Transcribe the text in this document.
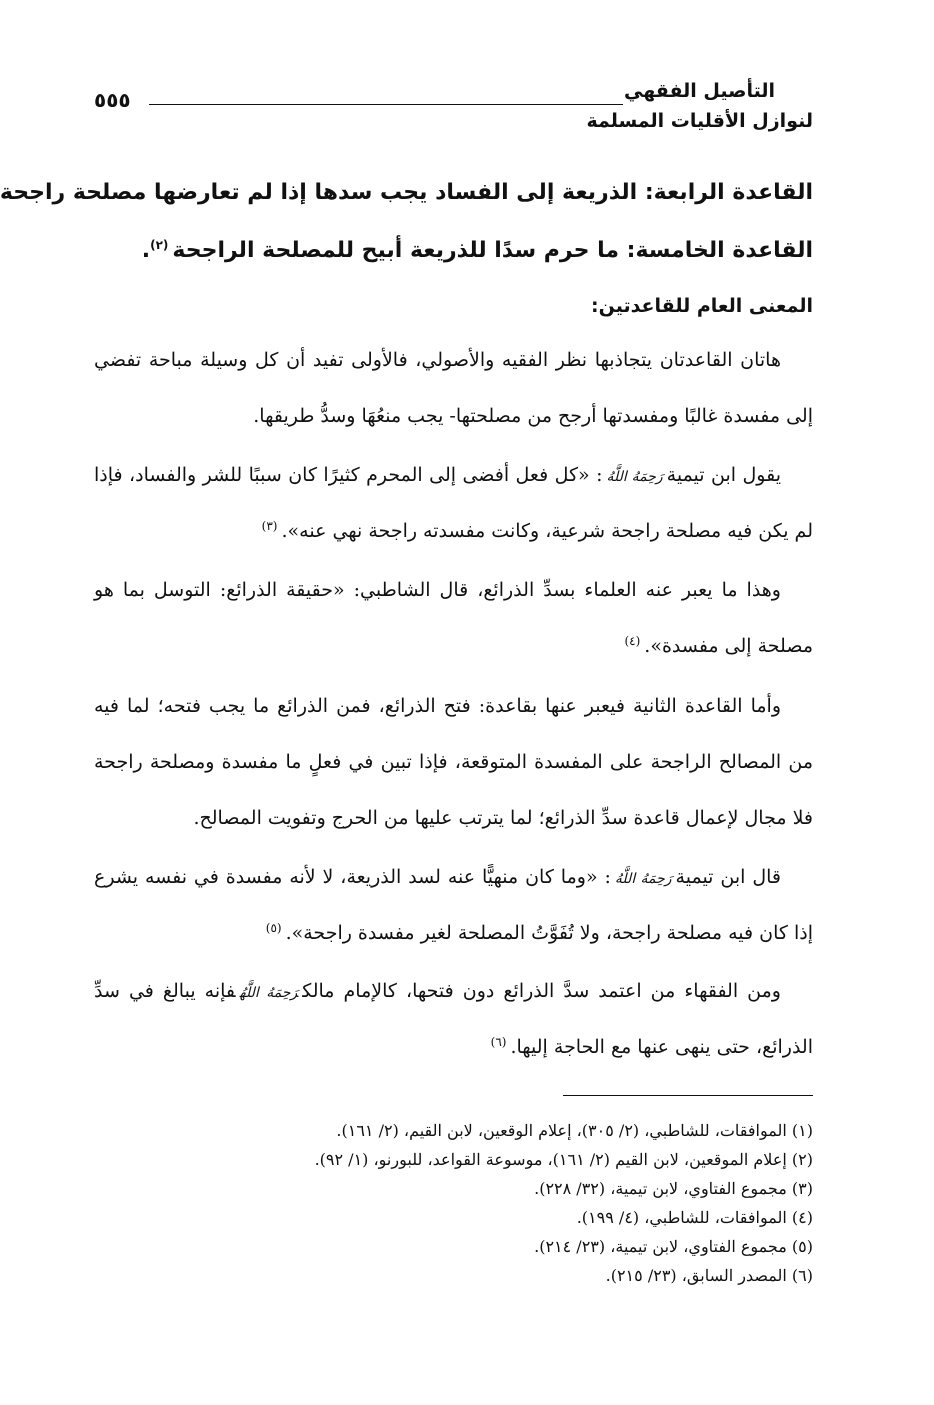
التأصيل الفقهي
لنوازل الأقليات المسلمة
٥٥٥
القاعدة الرابعة: الذريعة إلى الفساد يجب سدها إذا لم تعارضها مصلحة راجحة
القاعدة الخامسة: ما حرم سدًا للذريعة أبيح للمصلحة الراجحة$^{(٢)}$.
المعنى العام للقاعدتين:

هاتان القاعدتان يتجاذبها نظر الفقيه والأصولي، فالأولى تفيد أن كل وسيلة مباحة تفضي إلى مفسدة غالبًا ومفسدتها أرجح من مصلحتها- يجب منعُهَا وسدُّ طريقها.

يقول ابن تيميةرَحِمَهُ اللَّهُ: «كل فعل أفضى إلى المحرم كثيرًا كان سببًا للشر والفساد، فإذا لم يكن فيه مصلحة راجحة شرعية، وكانت مفسدته راجحة نهي عنه».$^{(٣)}$

وهذا ما يعبر عنه العلماء بسدِّ الذرائع، قال الشاطبي: «حقيقة الذرائع: التوسل بما هو مصلحة إلى مفسدة».$^{(٤)}$

وأما القاعدة الثانية فيعبر عنها بقاعدة: فتح الذرائع، فمن الذرائع ما يجب فتحه؛ لما فيه من المصالح الراجحة على المفسدة المتوقعة، فإذا تبين في فعلٍ ما مفسدة ومصلحة راجحة فلا مجال لإعمال قاعدة سدِّ الذرائع؛ لما يترتب عليها من الحرج وتفويت المصالح.

قال ابن تيميةرَحِمَهُ اللَّهُ: «وما كان منهيًّا عنه لسد الذريعة، لا لأنه مفسدة في نفسه يشرع إذا كان فيه مصلحة راجحة، ولا تُفَوَّتُ المصلحة لغير مفسدة راجحة».$^{(٥)}$

ومن الفقهاء من اعتمد سدَّ الذرائع دون فتحها، كالإمام مالكرَحِمَهُ اللَّهُفإنه يبالغ في سدِّ الذرائع، حتى ينهى عنها مع الحاجة إليها.$^{(٦)}$

(١) الموافقات، للشاطبي، (٢/ ٣٠٥)، إعلام الوقعين، لابن القيم، (٢/ ١٦١).
(٢) إعلام الموقعين، لابن القيم (٢/ ١٦١)، موسوعة القواعد، للبورنو، (١/ ٩٢).
(٣) مجموع الفتاوي، لابن تيمية، (٣٢/ ٢٢٨).
(٤) الموافقات، للشاطبي، (٤/ ١٩٩).
(٥) مجموع الفتاوي، لابن تيمية، (٢٣/ ٢١٤).
(٦) المصدر السابق، (٢٣/ ٢١٥).
